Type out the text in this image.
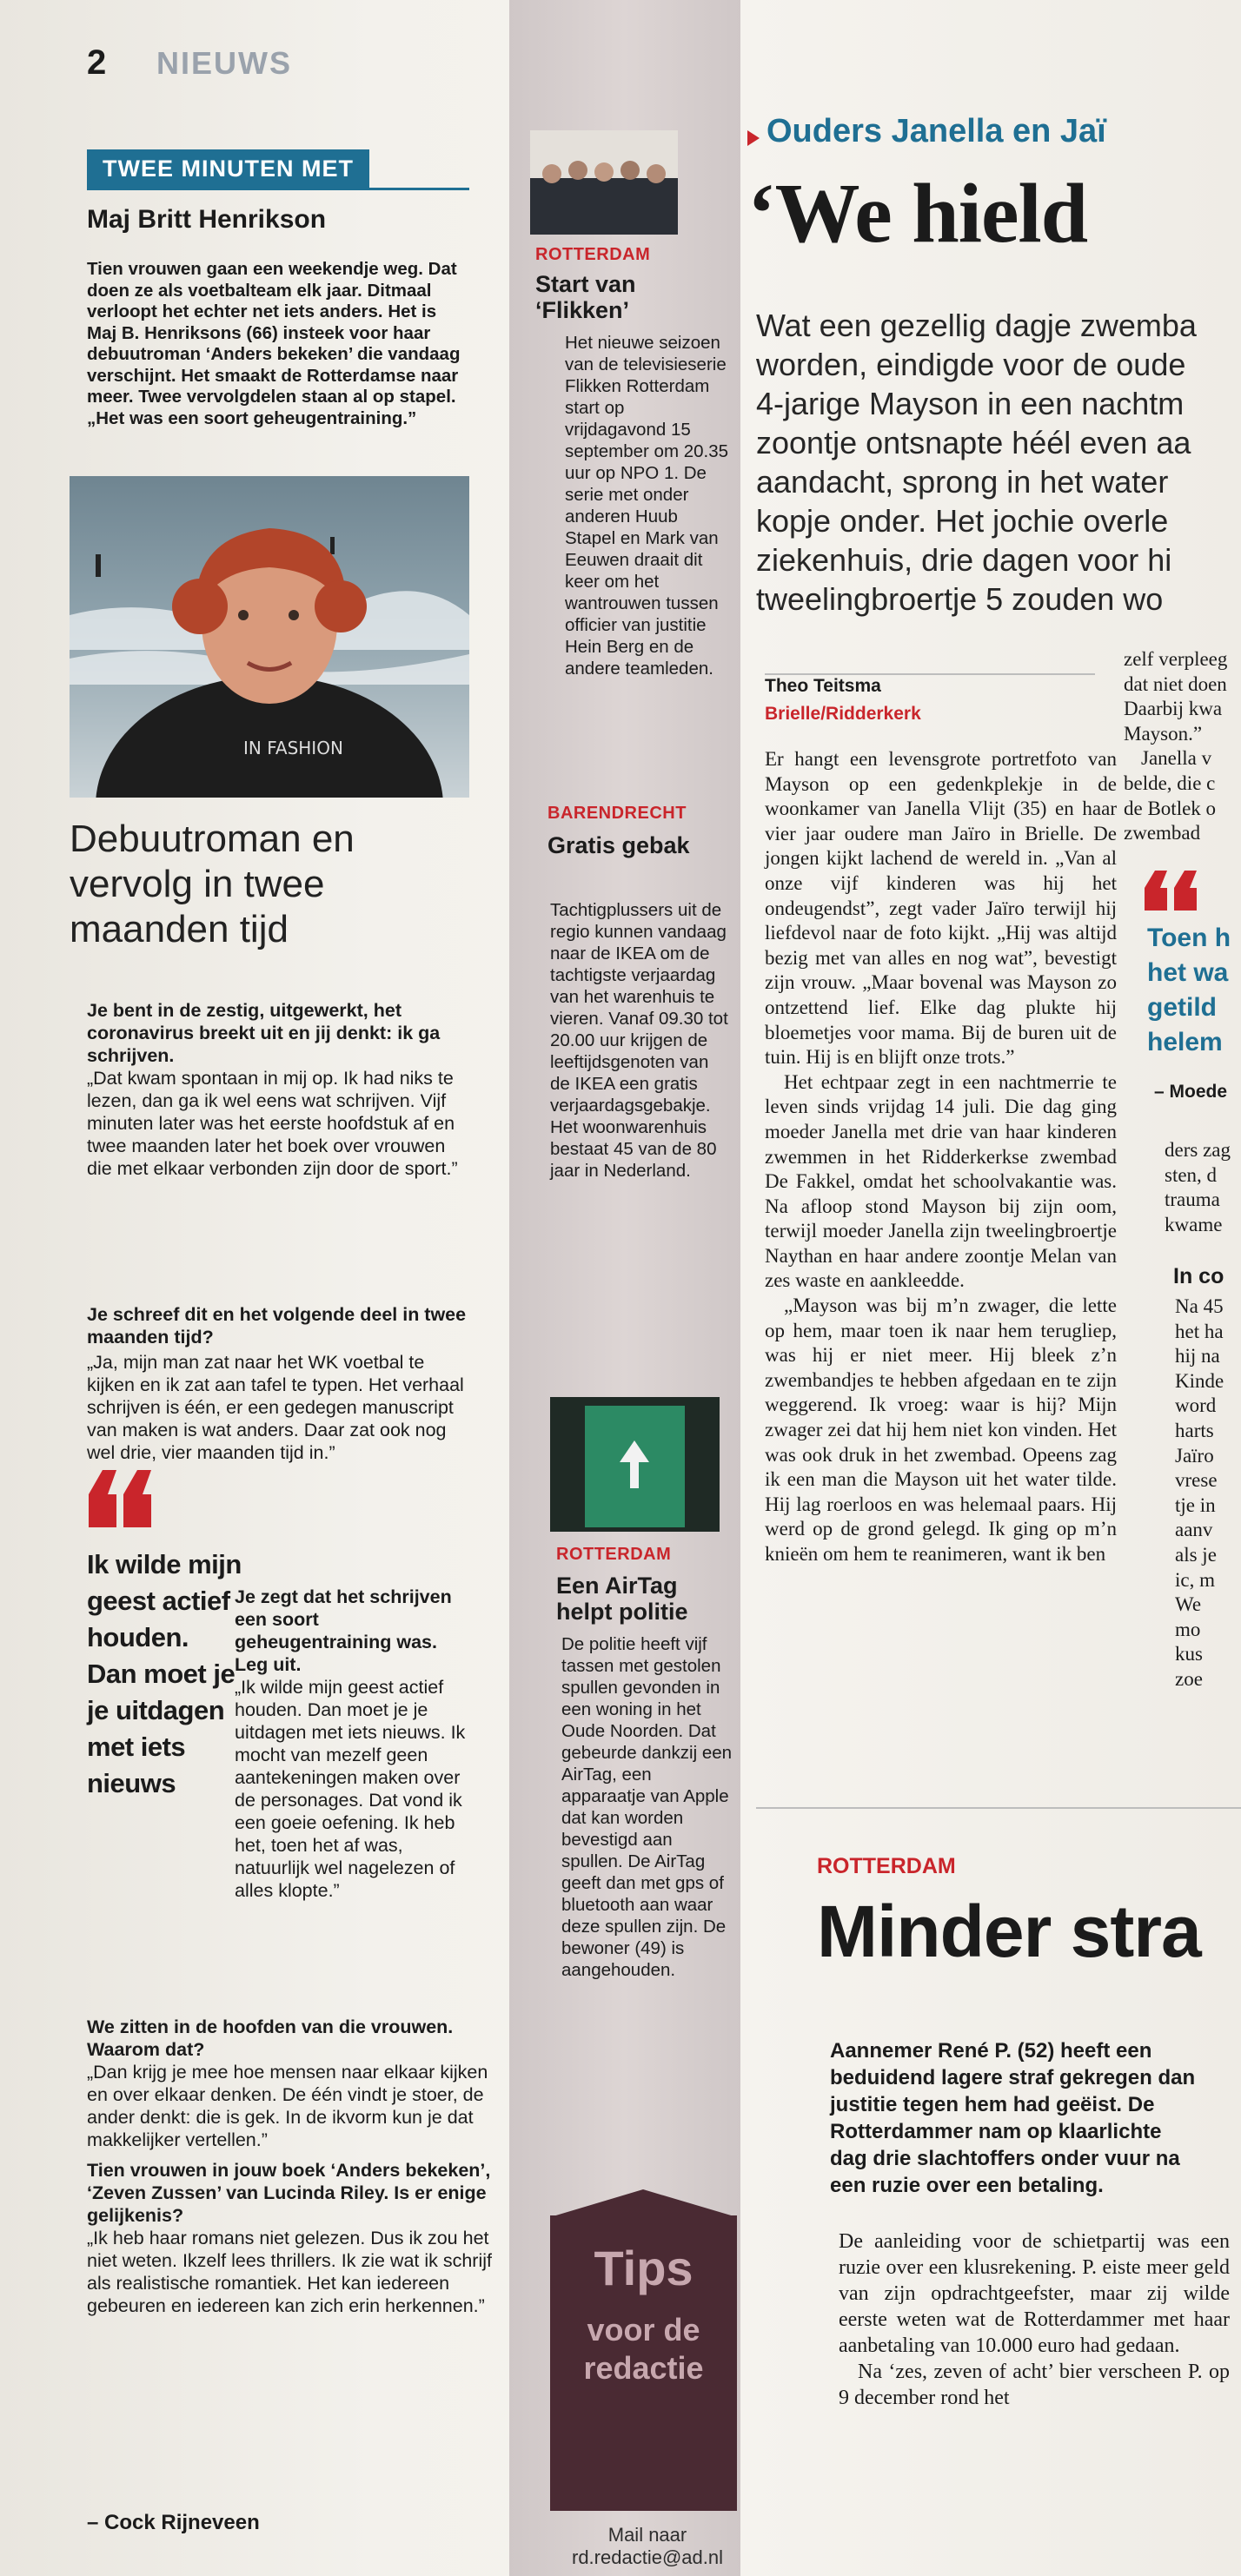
2 NIEUWS
TWEE MINUTEN MET
Maj Britt Henrikson
Tien vrouwen gaan een weekendje weg. Dat doen ze als voetbalteam elk jaar. Ditmaal verloopt het echter net iets anders. Het is Maj B. Henriksons (66) insteek voor haar debuutroman ‘Anders bekeken’ die vandaag verschijnt. Het smaakt de Rotterdamse naar meer. Twee vervolgdelen staan al op stapel. „Het was een soort geheugentraining.”
IN FASHION
Debuutroman en vervolg in twee maanden tijd
Je bent in de zestig, uitgewerkt, het coronavirus breekt uit en jij denkt: ik ga schrijven.
„Dat kwam spontaan in mij op. Ik had niks te lezen, dan ga ik wel eens wat schrijven. Vijf minuten later was het eerste hoofdstuk af en twee maanden later het boek over vrouwen die met elkaar verbonden zijn door de sport.”
Je schreef dit en het volgende deel in twee maanden tijd?
„Ja, mijn man zat naar het WK voetbal te kijken en ik zat aan tafel te typen. Het verhaal schrijven is één, er een gedegen manuscript van maken is wat anders. Daar zat ook nog wel drie, vier maanden tijd in.”
Ik wilde mijn geest actief houden. Dan moet je je uitdagen met iets nieuws
Je zegt dat het schrijven een soort geheugentraining was. Leg uit.
„Ik wilde mijn geest actief houden. Dan moet je je uitdagen met iets nieuws. Ik mocht van mezelf geen aantekeningen maken over de personages. Dat vond ik een goeie oefening. Ik heb het, toen het af was, natuurlijk wel nagelezen of alles klopte.”
We zitten in de hoofden van die vrouwen. Waarom dat?
„Dan krijg je mee hoe mensen naar elkaar kijken en over elkaar denken. De één vindt je stoer, de ander denkt: die is gek. In de ikvorm kun je dat makkelijker vertellen.”
Tien vrouwen in jouw boek ‘Anders bekeken’, ‘Zeven Zussen’ van Lucinda Riley. Is er enige gelijkenis?
„Ik heb haar romans niet gelezen. Dus ik zou het niet weten. Ikzelf lees thrillers. Ik zie wat ik schrijf als realistische romantiek. Het kan iedereen gebeuren en iedereen kan zich erin herkennen.”
– Cock Rijneveen
ROTTERDAM
Start van ‘Flikken’
Het nieuwe seizoen van de televisieserie Flikken Rotterdam start op vrijdagavond 15 september om 20.35 uur op NPO 1. De serie met onder anderen Huub Stapel en Mark van Eeuwen draait dit keer om het wantrouwen tussen officier van justitie Hein Berg en de andere teamleden.
BARENDRECHT
Gratis gebak
Tachtigplussers uit de regio kunnen vandaag naar de IKEA om de tachtigste verjaardag van het warenhuis te vieren. Vanaf 09.30 tot 20.00 uur krijgen de leeftijdsgenoten van de IKEA een gratis verjaardagsgebakje. Het woonwarenhuis bestaat 45 van de 80 jaar in Nederland.
ROTTERDAM
Een AirTag helpt politie
De politie heeft vijf tassen met gestolen spullen gevonden in een woning in het Oude Noorden. Dat gebeurde dankzij een AirTag, een apparaatje van Apple dat kan worden bevestigd aan spullen. De AirTag geeft dan met gps of bluetooth aan waar deze spullen zijn. De bewoner (49) is aangehouden.
Tips
voor de redactie
Mail naar rd.redactie@ad.nl
Ouders Janella en Jaï
‘We hield
Wat een gezellig dagje zwemba
worden, eindigde voor de oude
4-jarige Mayson in een nachtm
zoontje ontsnapte héél even aa
aandacht, sprong in het water
kopje onder. Het jochie overle
ziekenhuis, drie dagen voor hi
tweelingbroertje 5 zouden wo
Theo Teitsma
Brielle/Ridderkerk

Er hangt een levensgrote portretfoto van Mayson op een gedenkplekje in de woonkamer van Janella Vlijt (35) en haar vier jaar oudere man Jaïro in Brielle. De jongen kijkt lachend de wereld in. „Van al onze vijf kinderen was hij het ondeugendst”, zegt vader Jaïro terwijl hij liefdevol naar de foto kijkt. „Hij was altijd bezig met van alles en nog wat”, bevestigt zijn vrouw. „Maar bovenal was Mayson zo ontzettend lief. Elke dag plukte hij bloemetjes voor mama. Bij de buren uit de tuin. Hij is en blijft onze trots.”

Het echtpaar zegt in een nachtmerrie te leven sinds vrijdag 14 juli. Die dag ging moeder Janella met drie van haar kinderen zwemmen in het Ridderkerkse zwembad De Fakkel, omdat het schoolvakantie was. Na afloop stond Mayson bij zijn oom, terwijl moeder Janella zijn tweelingbroertje Naythan en haar andere zoontje Melan van zes waste en aankleedde.

„Mayson was bij m’n zwager, die lette op hem, maar toen ik naar hem terugliep, was hij er niet meer. Hij bleek z’n zwembandjes te hebben afgedaan en te zijn weggerend. Ik vroeg: waar is hij? Mijn zwager zei dat hij hem niet kon vinden. Het was ook druk in het zwembad. Opeens zag ik een man die Mayson uit het water tilde. Hij lag roerloos en was helemaal paars. Hij werd op de grond gelegd. Ik ging op m’n knieën om hem te reanimeren, want ik ben

zelf verpleeg
dat niet doen
Daarbij kwa
Mayson.”
Janella v
belde, die c
de Botlek o
zwembad
Toen h
het wa
getild
helem
– Moede
ders zag
sten, d
trauma
kwame
In co
Na 45
het ha
hij na
Kinde
word
harts
Jaïro
vrese
tje in
aanv
als je
ic, m
We
mo
kus
zoe
ROTTERDAM
Minder stra
Aannemer René P. (52) heeft een beduidend lagere straf gekregen dan justitie tegen hem had geëist. De Rotterdammer nam op klaarlichte dag drie slachtoffers onder vuur na een ruzie over een betaling.

De aanleiding voor de schietpartij was een ruzie over een klusrekening. P. eiste meer geld van zijn opdrachtgeefster, maar zij wilde eerste weten wat de Rotterdammer met haar aanbetaling van 10.000 euro had gedaan.

Na ‘zes, zeven of acht’ bier verscheen P. op 9 december rond het
